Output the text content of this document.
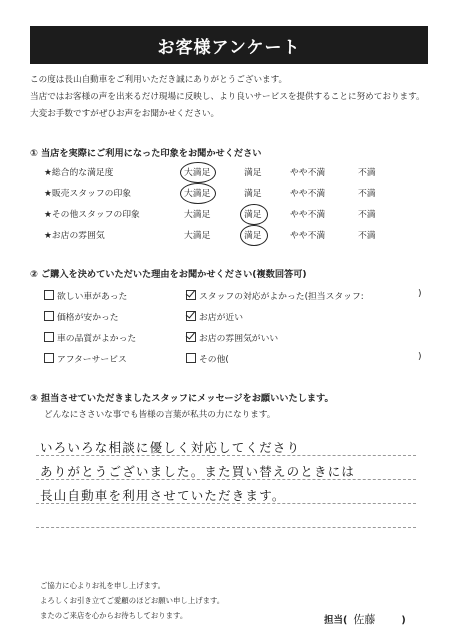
お客様アンケート
この度は長山自動車をご利用いただき誠にありがとうございます。
当店ではお客様の声を出来るだけ現場に反映し、より良いサービスを提供することに努めております。
大変お手数ですがぜひお声をお聞かせください。
① 当店を実際にご利用になった印象をお聞かせください
★総合的な満足度	大満足	満足	やや不満	不満
★販売スタッフの印象	大満足	満足	やや不満	不満
★その他スタッフの印象	大満足	満足	やや不満	不満
★お店の雰囲気	大満足	満足	やや不満	不満
② ご購入を決めていただいた理由をお聞かせください(複数回答可)
欲しい車があった
価格が安かった
車の品質がよかった
アフターサービス
スタッフの対応がよかった(担当スタッフ:
お店が近い
お店の雰囲気がいい
その他(
)
)
③ 担当させていただきましたスタッフにメッセージをお願いいたします。
どんなにささいな事でも皆様の言葉が私共の力になります。
いろいろな相談に優しく対応してくださり
ありがとうございました。また買い替えのときには
長山自動車を利用させていただきます。
ご協力に心よりお礼を申し上げます。
よろしくお引き立てご愛顧のほどお願い申し上げます。
またのご来店を心からお待ちしております。	担当( 佐藤	)
